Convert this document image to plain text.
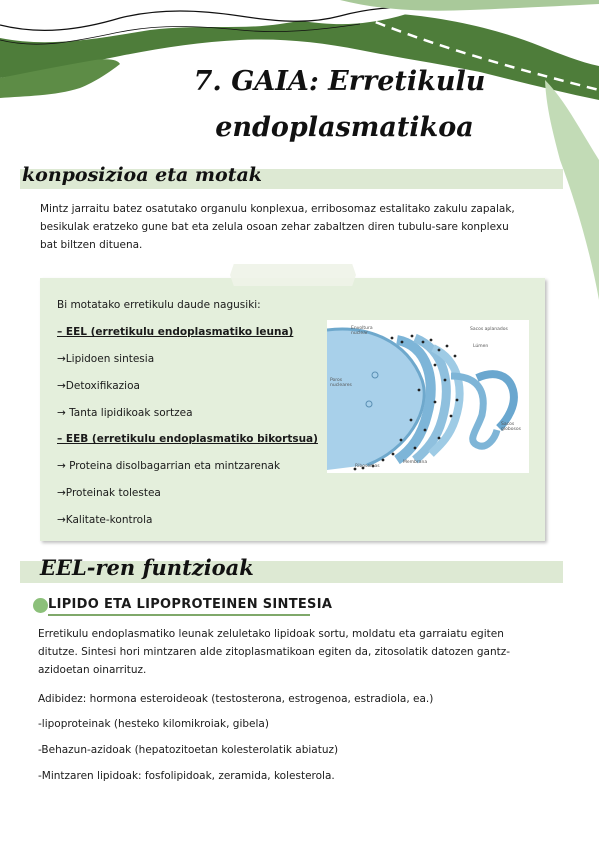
7. GAIA: Erretikulu
endoplasmatikoa
konposizioa eta motak
Mintz jarraitu batez osatutako organulu konplexua, erribosomaz estalitako zakulu zapalak,
besikulak eratzeko gune bat eta zelula osoan zehar zabaltzen diren tubulu-sare konplexu
bat biltzen dituena.
Bi motatako erretikulu daude nagusiki:
– EEL (erretikulu endoplasmatiko leuna)
→Lipidoen sintesia
→Detoxifikazioa
→ Tanta lipidikoak sortzea
– EEB (erretikulu endoplasmatiko bikortsua)
→ Proteina disolbagarrian eta mintzarenak
→Proteinak tolestea
→Kalitate-kontrola
Envoltura nuclear
Poros nucleares
Ribosomas
Membrana
Sacos aplanados
Lúmen
Sacos globosos
EEL-ren funtzioak
LIPIDO ETA LIPOPROTEINEN SINTESIA
Erretikulu endoplasmatiko leunak zeluletako lipidoak sortu, moldatu eta garraiatu egiten
ditutze. Sintesi hori mintzaren alde zitoplasmatikoan egiten da, zitosolatik datozen gantz-
azidoetan oinarrituz.
Adibidez: hormona esteroideoak (testosterona, estrogenoa, estradiola, ea.)
-lipoproteinak (hesteko kilomikroiak, gibela)
-Behazun-azidoak (hepatozitoetan kolesterolatik abiatuz)
-Mintzaren lipidoak: fosfolipidoak, zeramida, kolesterola.
